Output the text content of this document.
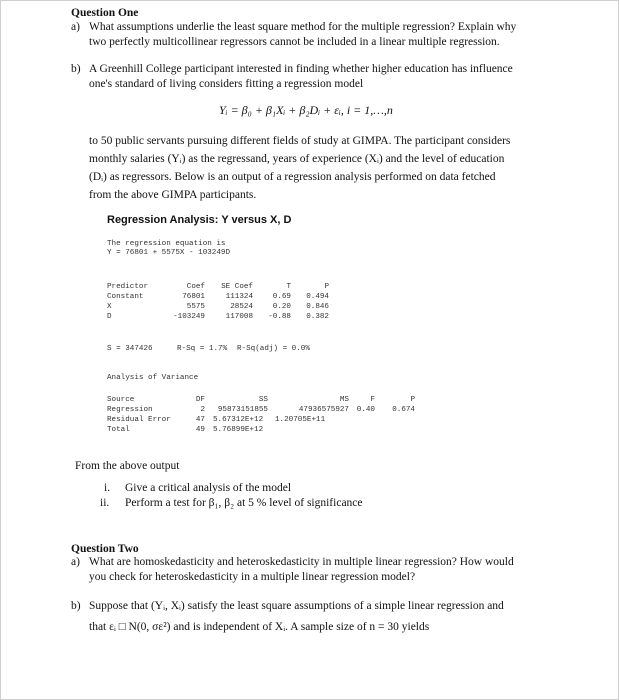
Question One
a) What assumptions underlie the least square method for the multiple regression? Explain why
two perfectly multicollinear regressors cannot be included in a linear multiple regression.
b) A Greenhill College participant interested in finding whether higher education has influence
one's standard of living considers fitting a regression model
Yᵢ = β₀ + β₁Xᵢ + β₂Dᵢ + εᵢ, i = 1,…,n
to 50 public servants pursuing different fields of study at GIMPA. The participant considers
monthly salaries (Yᵢ) as the regressand, years of experience (Xᵢ) and the level of education
(Dᵢ) as regressors. Below is an output of a regression analysis performed on data fetched
from the above GIMPA participants.
Regression Analysis: Y versus X, D
The regression equation is
Y = 76801 + 5575X - 103249D
Predictor	Coef	SE Coef	T	P
Constant	76801	111324	0.69	0.494
X	5575	28524	0.20	0.846
D	-103249	117008	-0.88	0.382
S = 347426	R-Sq = 1.7% R-Sq(adj) = 0.0%
Analysis of Variance
Source	DF	SS	MS	F	P
Regression	2	95873151855	47936575927	0.40	0.674
Residual Error	47 5.67312E+12 1.20705E+11
Total	49 5.76899E+12
From the above output
i. Give a critical analysis of the model
ii. Perform a test for β₁, β₂ at 5 % level of significance
Question Two
a) What are homoskedasticity and heteroskedasticity in multiple linear regression? How would
you check for heteroskedasticity in a multiple linear regression model?
b) Suppose that (Yᵢ, Xᵢ) satisfy the least square assumptions of a simple linear regression and
that εᵢ □ N(0, σε²) and is independent of Xᵢ. A sample size of n = 30 yields
